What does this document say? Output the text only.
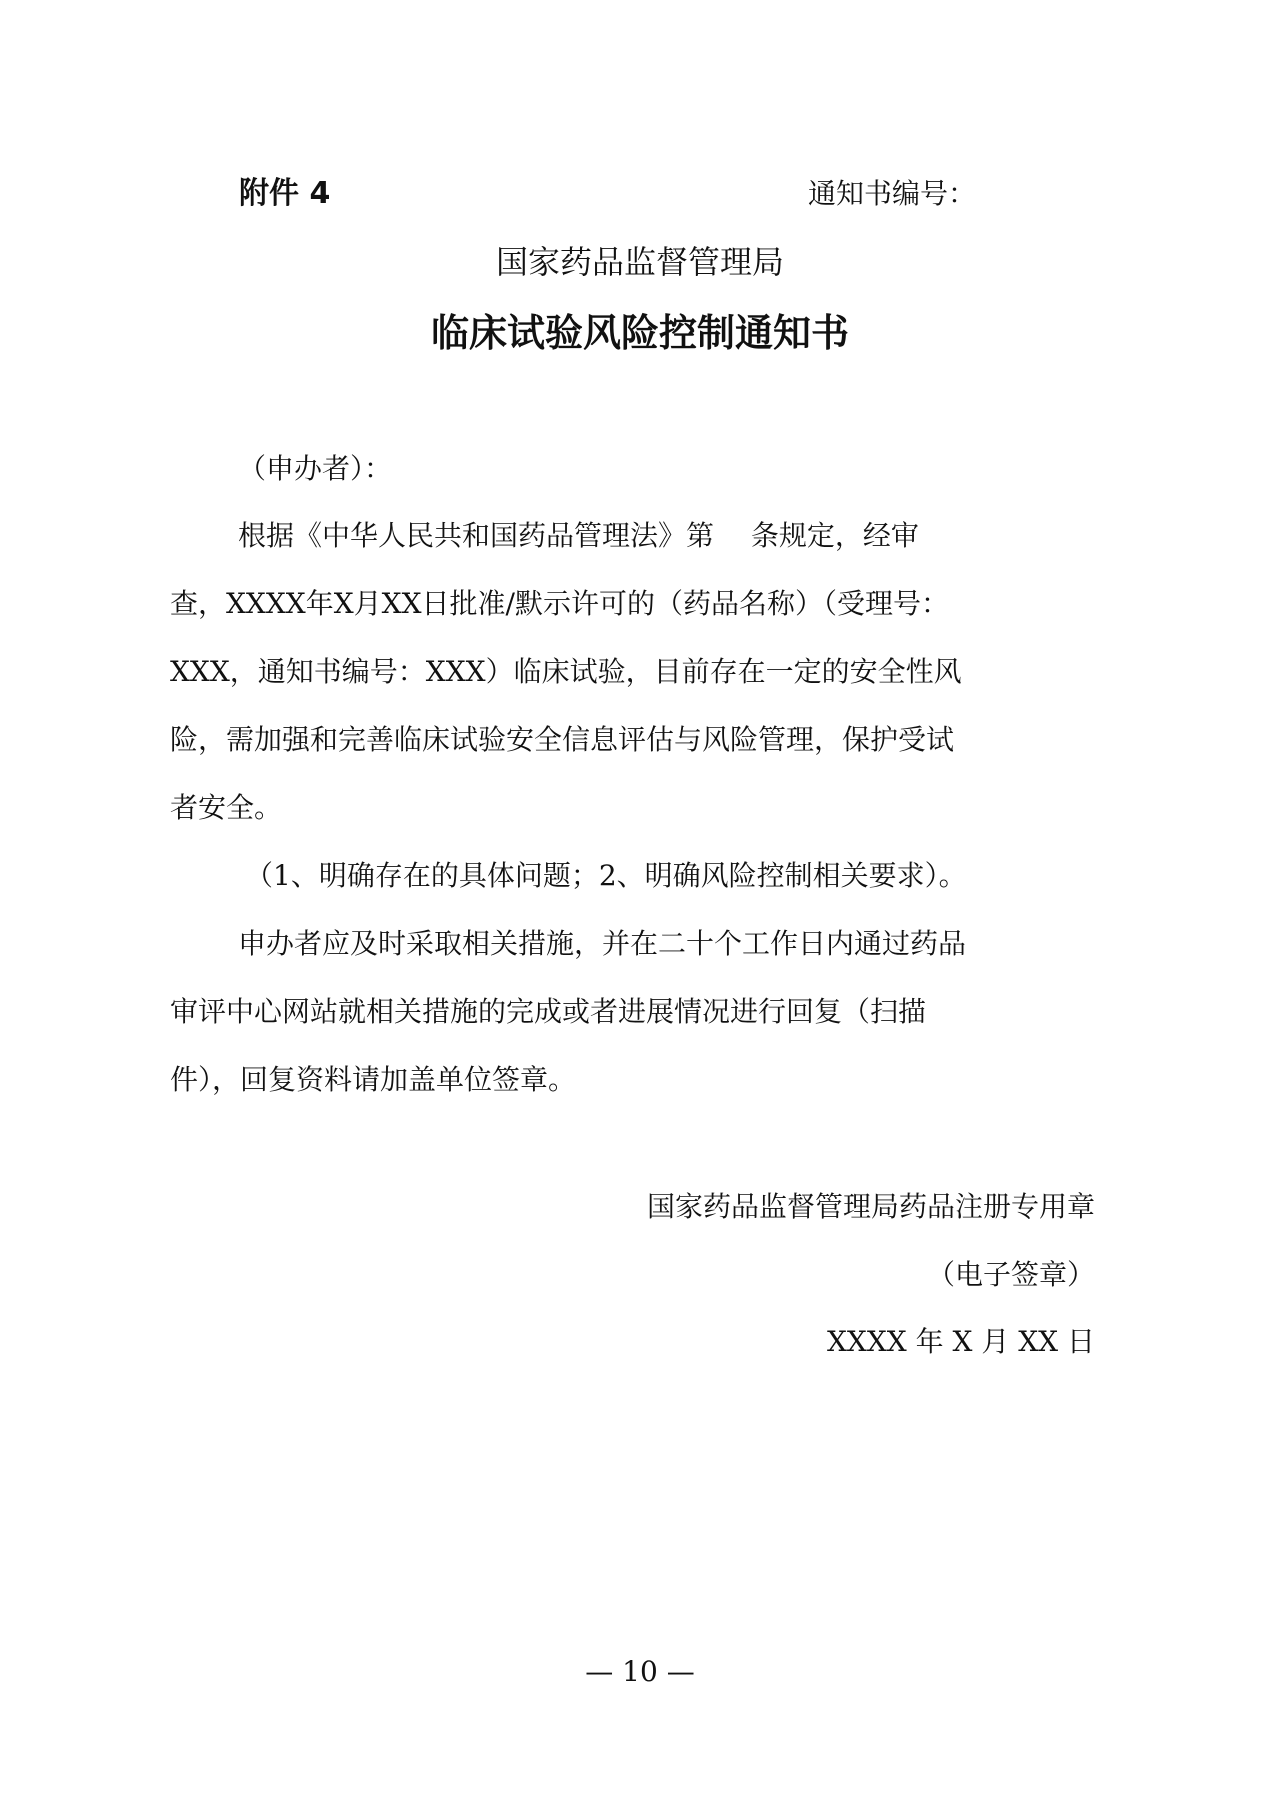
附件 4	通知书编号：
国家药品监督管理局
临床试验风险控制通知书
（申办者）：
根据《中华人民共和国药品管理法》第　 条规定，经审
查，XXXX年X月XX日批准/默示许可的（药品名称）（受理号：
XXX，通知书编号：XXX）临床试验，目前存在一定的安全性风
险，需加强和完善临床试验安全信息评估与风险管理，保护受试
者安全。
（1、明确存在的具体问题；2、明确风险控制相关要求）。
申办者应及时采取相关措施，并在二十个工作日内通过药品
审评中心网站就相关措施的完成或者进展情况进行回复（扫描
件），回复资料请加盖单位签章。
国家药品监督管理局药品注册专用章
（电子签章）
XXXX 年 X 月 XX 日
— 10 —
